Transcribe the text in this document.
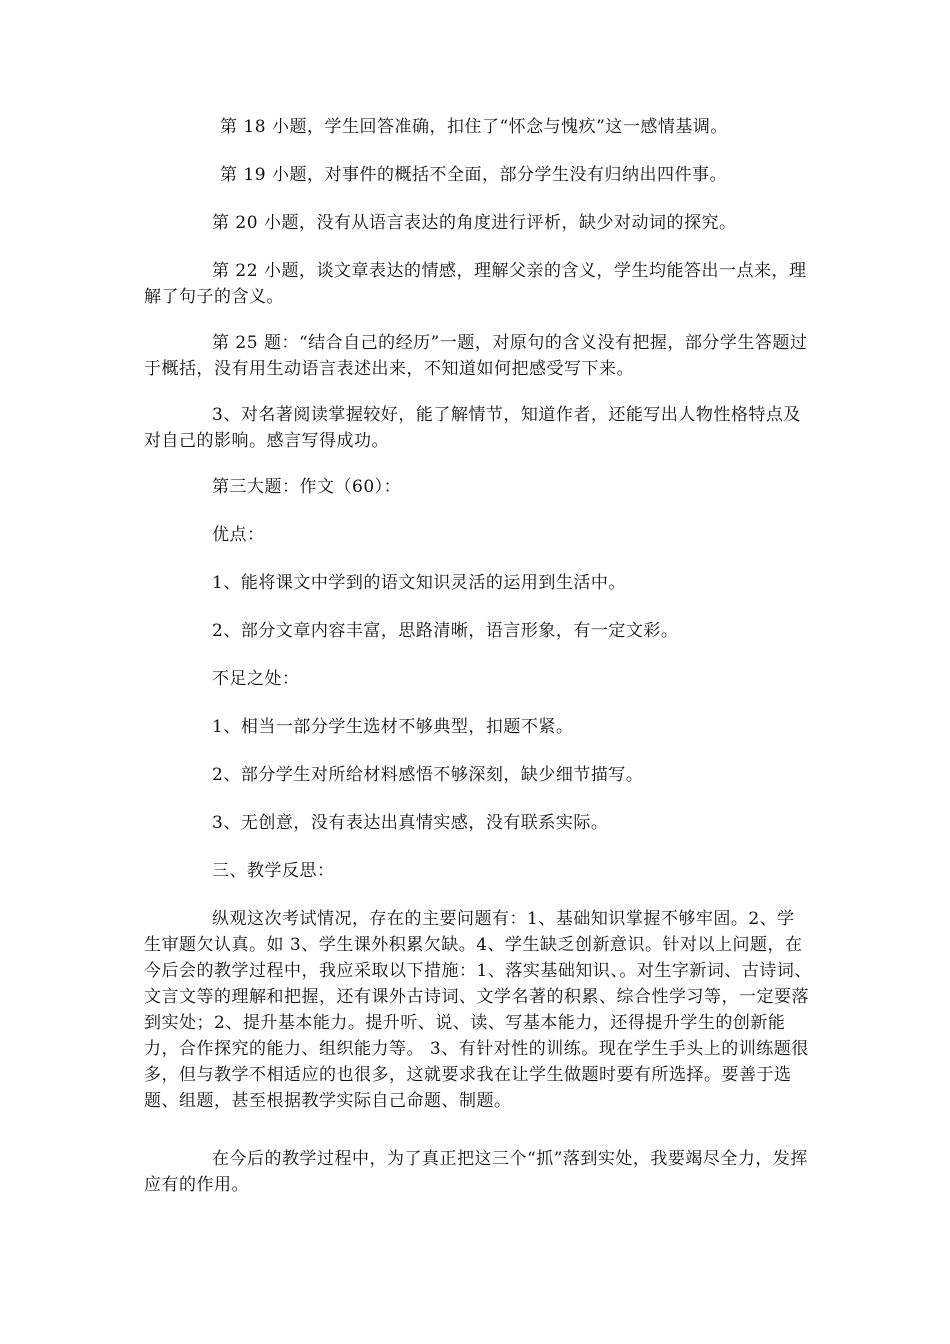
第 18 小题，学生回答准确，扣住了“怀念与愧疚”这一感情基调。

第 19 小题，对事件的概括不全面，部分学生没有归纳出四件事。

第 20 小题，没有从语言表达的角度进行评析，缺少对动词的探究。

第 22 小题，谈文章表达的情感，理解父亲的含义，学生均能答出一点来，理解了句子的含义。

第 25 题：“结合自己的经历”一题，对原句的含义没有把握，部分学生答题过于概括，没有用生动语言表述出来，不知道如何把感受写下来。

3、对名著阅读掌握较好，能了解情节，知道作者，还能写出人物性格特点及对自己的影响。感言写得成功。

第三大题：作文（60）：

优点：

1、能将课文中学到的语文知识灵活的运用到生活中。

2、部分文章内容丰富，思路清晰，语言形象，有一定文彩。

不足之处：

1、相当一部分学生选材不够典型，扣题不紧。

2、部分学生对所给材料感悟不够深刻，缺少细节描写。

3、无创意，没有表达出真情实感，没有联系实际。

三、教学反思：

纵观这次考试情况，存在的主要问题有：1、基础知识掌握不够牢固。2、学生审题欠认真。如 3、学生课外积累欠缺。4、学生缺乏创新意识。针对以上问题，在今后会的教学过程中，我应采取以下措施：1、落实基础知识、。对生字新词、古诗词、文言文等的理解和把握，还有课外古诗词、文学名著的积累、综合性学习等，一定要落到实处；2、提升基本能力。提升听、说、读、写基本能力，还得提升学生的创新能力，合作探究的能力、组织能力等。 3、有针对性的训练。现在学生手头上的训练题很多，但与教学不相适应的也很多，这就要求我在让学生做题时要有所选择。要善于选题、组题，甚至根据教学实际自己命题、制题。

在今后的教学过程中，为了真正把这三个“抓”落到实处，我要竭尽全力，发挥应有的作用。
